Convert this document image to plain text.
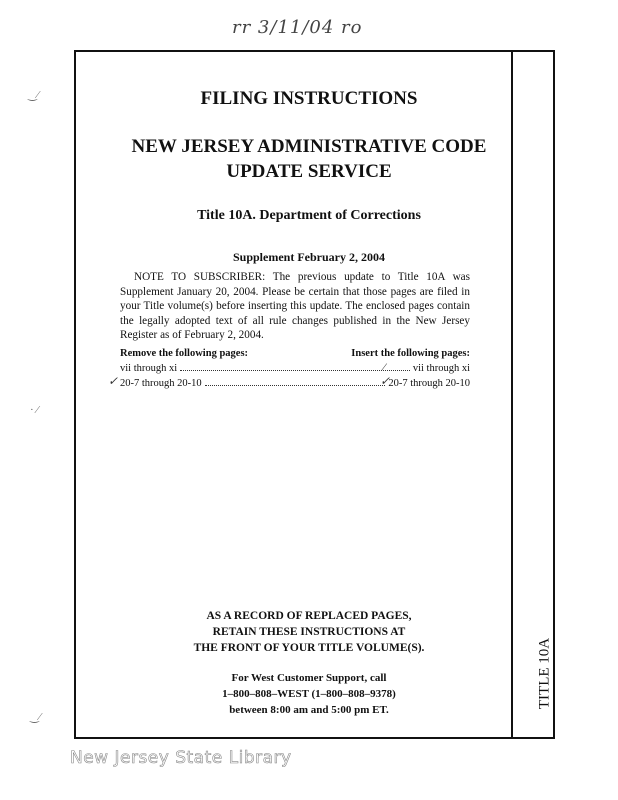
rr 3/11/04 ro
‿⁄
· ⁄
‿⁄
FILING INSTRUCTIONS
NEW JERSEY ADMINISTRATIVE CODE
UPDATE SERVICE
Title 10A. Department of Corrections
Supplement February 2, 2004
NOTE TO SUBSCRIBER: The previous update to Title 10A was Supplement January 20, 2004. Please be certain that those pages are filed in your Title volume(s) before inserting this update. The enclosed pages contain the legally adopted text of all rule changes published in the New Jersey Register as of February 2, 2004.
Remove the following pages:	Insert the following pages:
vii through xi	vii through xi
20-7 through 20-10	20-7 through 20-10
✓
⁄
✓
AS A RECORD OF REPLACED PAGES,
RETAIN THESE INSTRUCTIONS AT
THE FRONT OF YOUR TITLE VOLUME(S).
For West Customer Support, call
1–800–808–WEST (1–800–808–9378)
between 8:00 am and 5:00 pm ET.
TITLE 10A
New Jersey State Library
